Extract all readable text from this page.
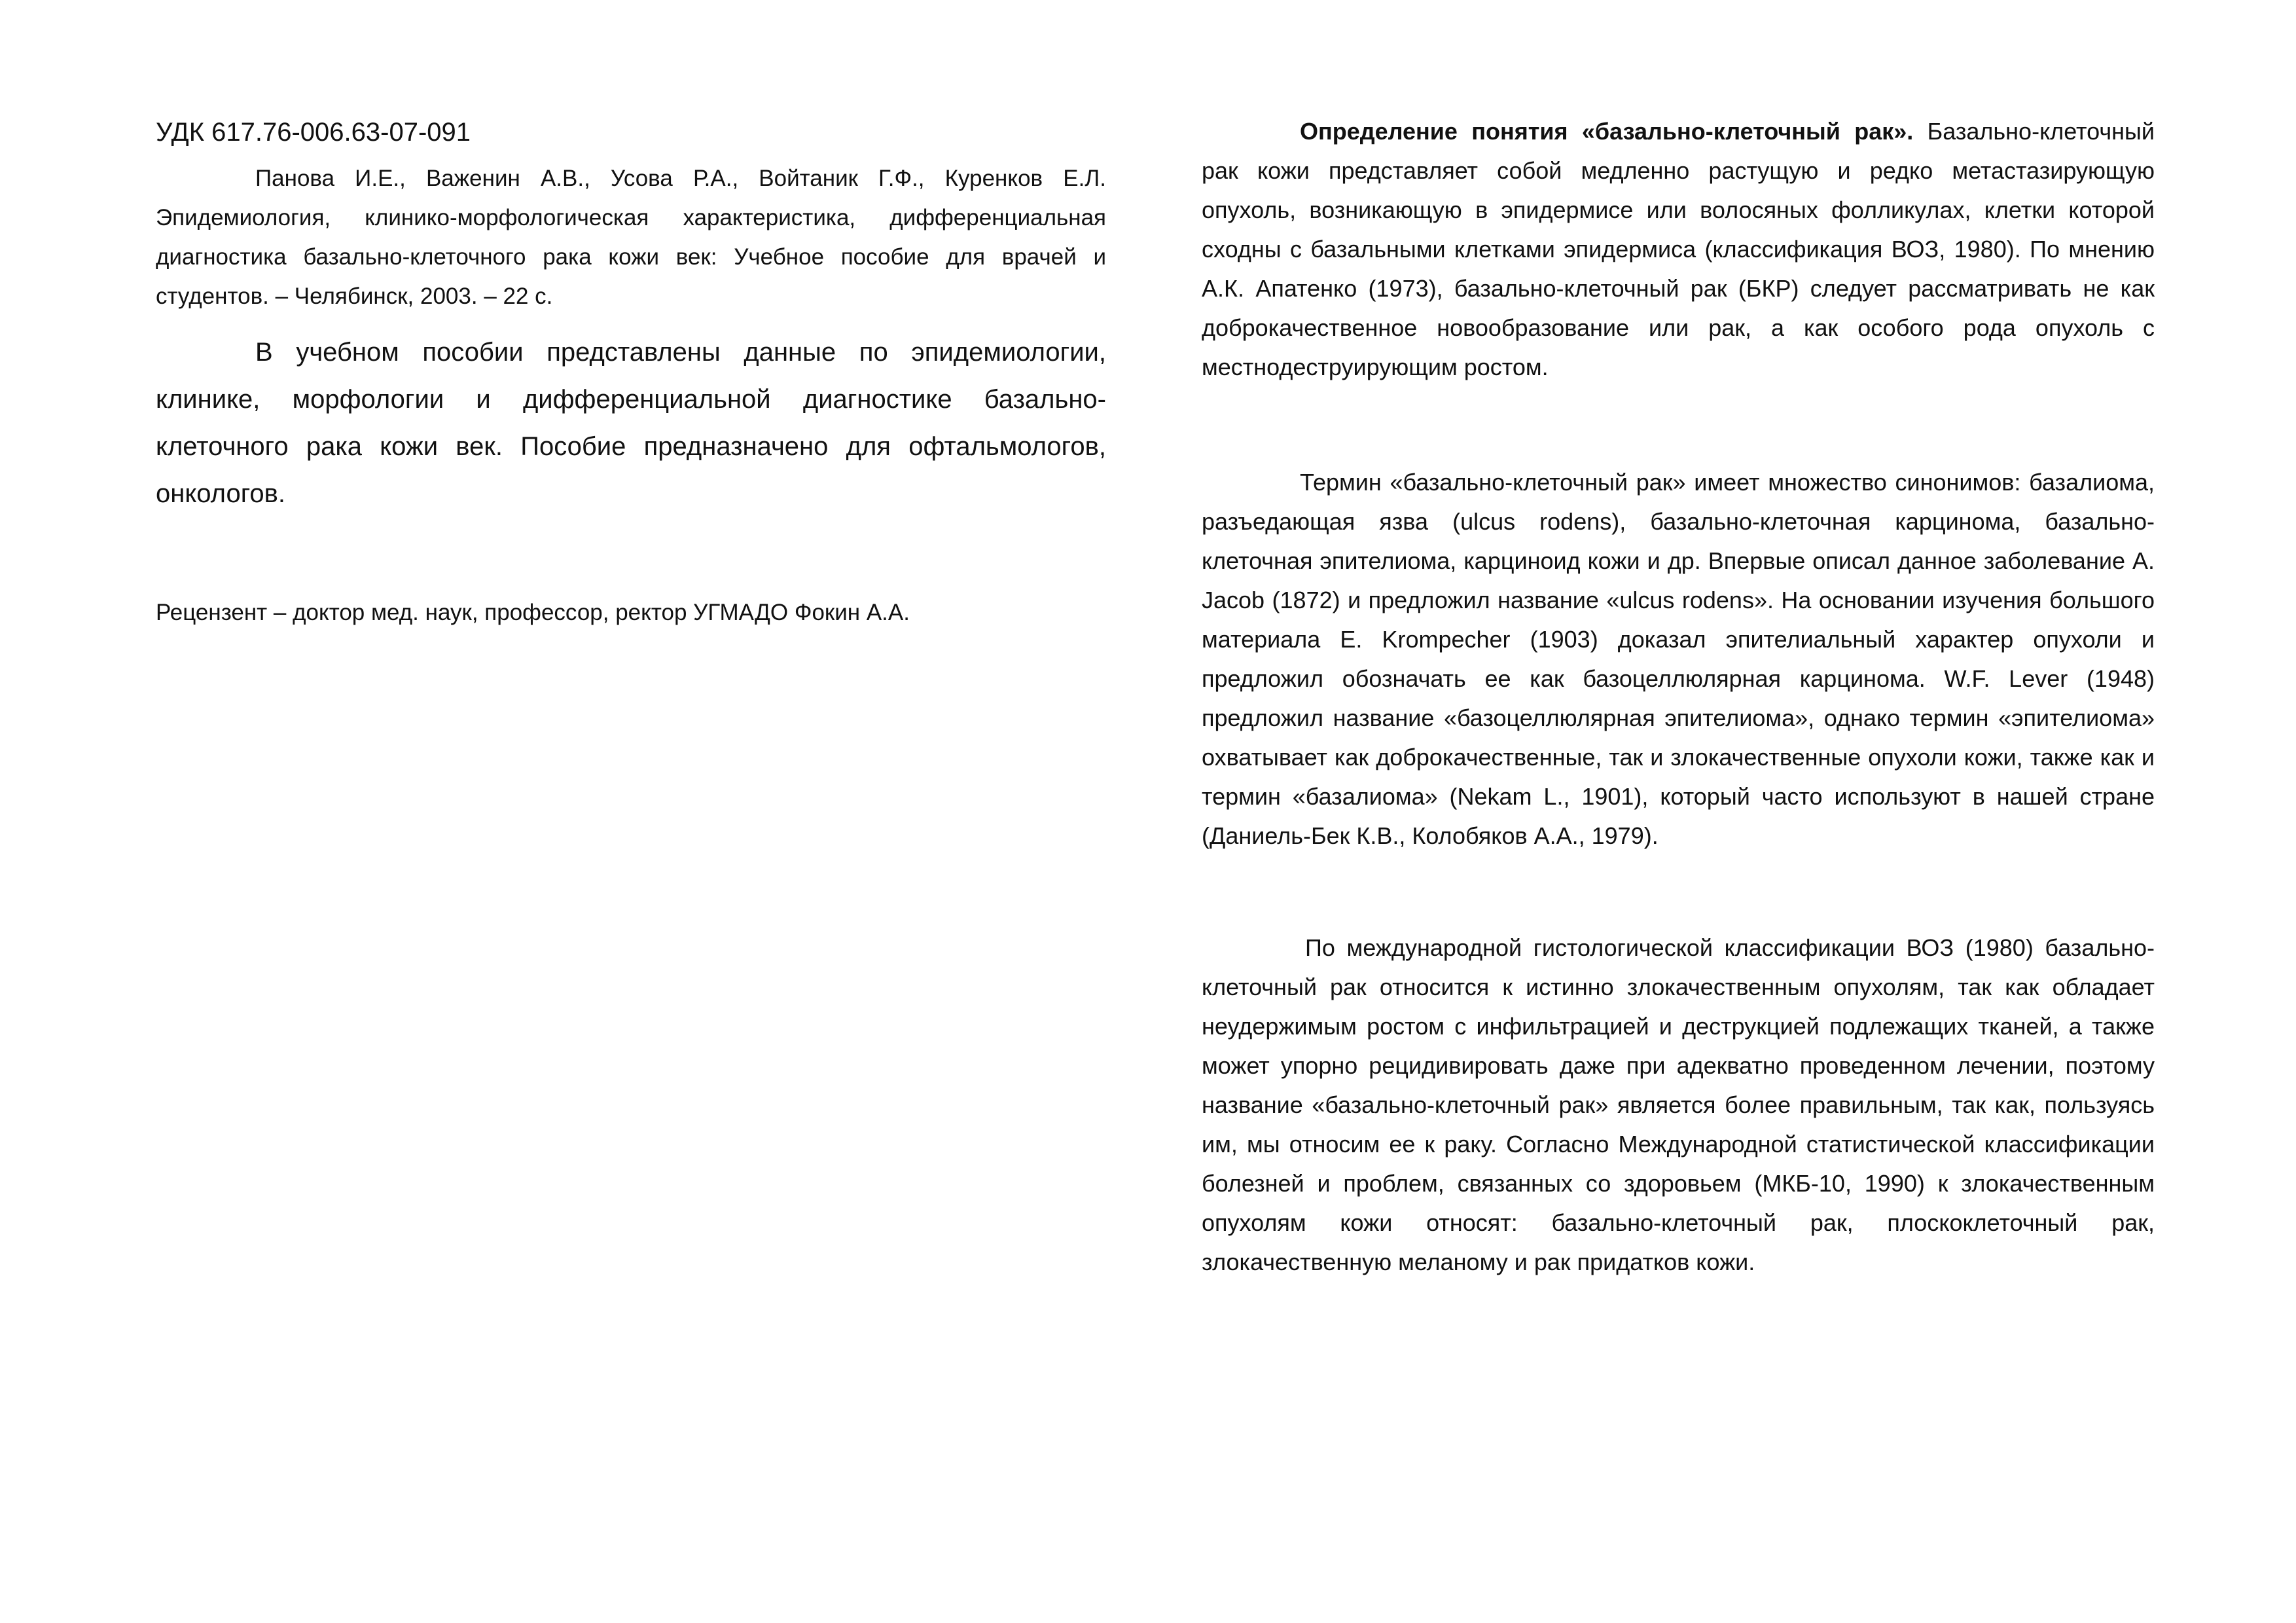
УДК 617.76-006.63-07-091

Панова И.Е., Важенин А.В., Усова Р.А., Войтаник Г.Ф., Куренков Е.Л. Эпидемиология, клинико-морфологическая характеристика, дифференциальная диагностика базально-клеточного рака кожи век: Учебное пособие для врачей и студентов. – Челябинск, 2003. – 22 с.

В учебном пособии представлены данные по эпидемиологии, клинике, морфологии и дифференциальной диагностике базально-клеточного рака кожи век. Пособие предназначено для офтальмологов, онкологов.

Рецензент – доктор мед. наук, профессор, ректор УГМАДО Фокин А.А.

Определение понятия «базально-клеточный рак». Базально-клеточный рак кожи представляет собой медленно растущую и редко метастазирующую опухоль, возникающую в эпидермисе или волосяных фолликулах, клетки которой сходны с базальными клетками эпидермиса (классификация ВОЗ, 1980). По мнению А.К. Апатенко (1973), базально-клеточный рак (БКР) следует рассматривать не как доброкачественное новообразование или рак, а как особого рода опухоль с местнодеструирующим ростом.

Термин «базально-клеточный рак» имеет множество синонимов: базалиома, разъедающая язва (ulcus rodens), базально-клеточная карцинома, базально-клеточная эпителиома, карциноид кожи и др. Впервые описал данное заболевание A. Jacob (1872) и предложил название «ulcus rodens». На основании изучения большого материала E. Krompecher (1903) доказал эпителиальный характер опухоли и предложил обозначать ее как базоцеллюлярная карцинома. W.F. Lever (1948) предложил название «базоцеллюлярная эпителиома», однако термин «эпителиома» охватывает как доброкачественные, так и злокачественные опухоли кожи, также как и термин «базалиома» (Nekam L., 1901), который часто используют в нашей стране (Даниель-Бек К.В., Колобяков А.А., 1979).

По международной гистологической классификации ВОЗ (1980) базально-клеточный рак относится к истинно злокачественным опухолям, так как обладает неудержимым ростом с инфильтрацией и деструкцией подлежащих тканей, а также может упорно рецидивировать даже при адекватно проведенном лечении, поэтому название «базально-клеточный рак» является более правильным, так как, пользуясь им, мы относим ее к раку. Согласно Международной статистической классификации болезней и проблем, связанных со здоровьем (МКБ-10, 1990) к злокачественным опухолям кожи относят: базально-клеточный рак, плоскоклеточный рак, злокачественную меланому и рак придатков кожи.
